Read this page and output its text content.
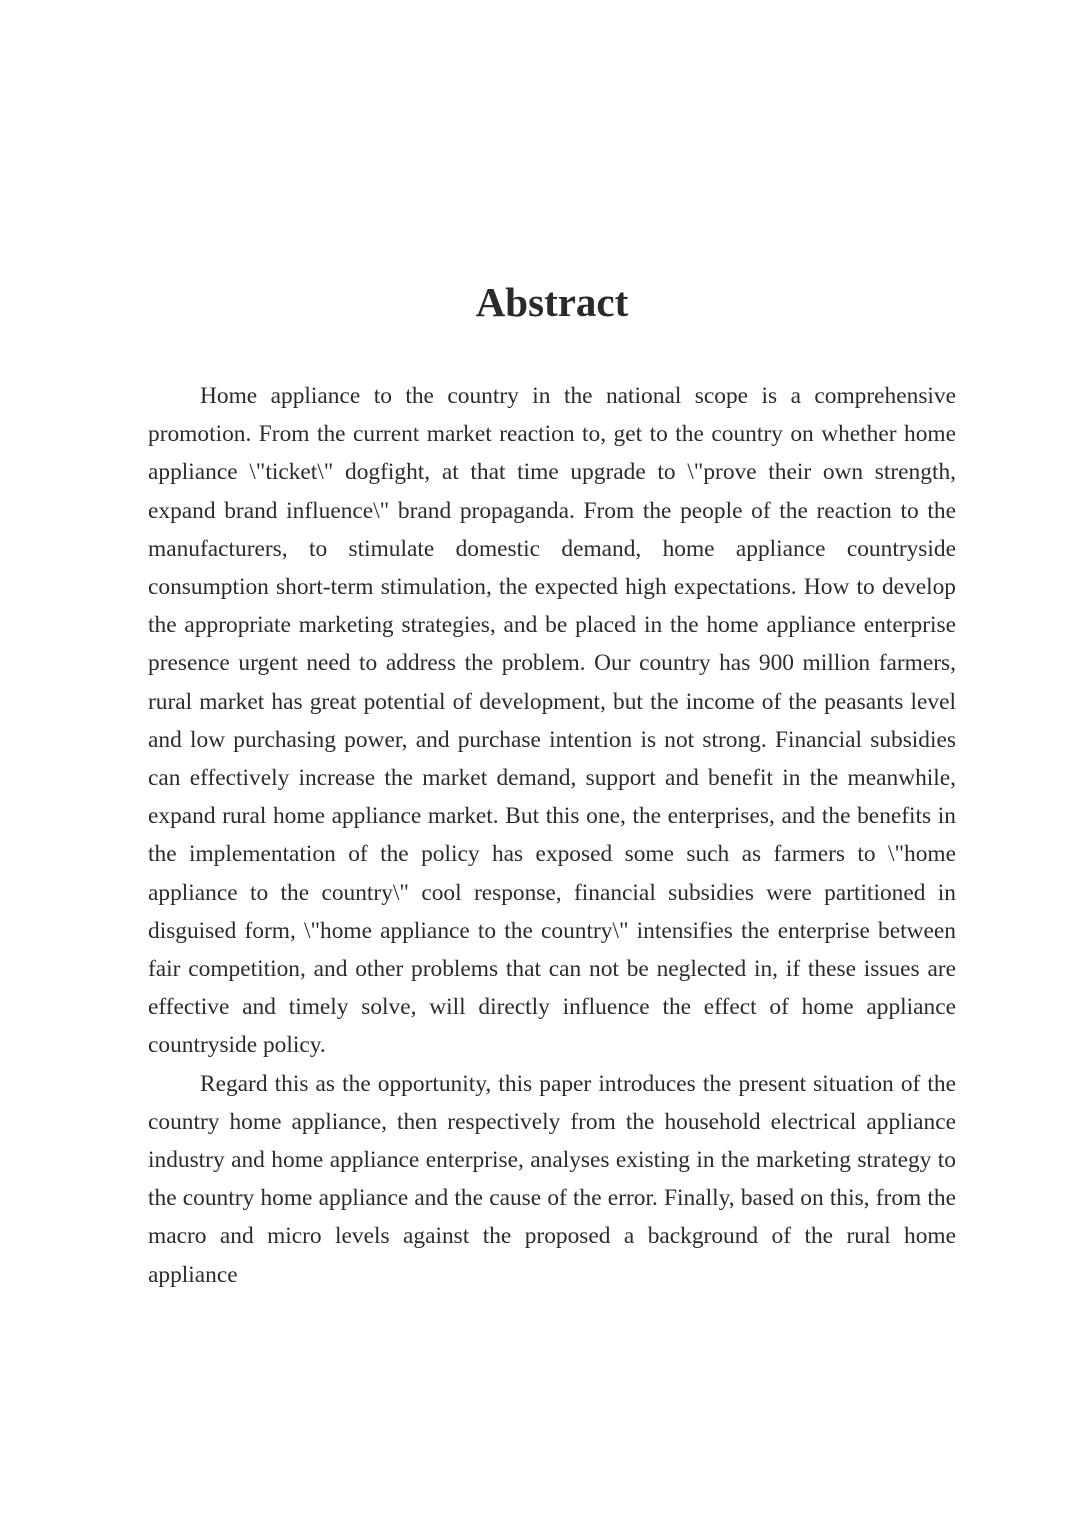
Abstract

Home appliance to the country in the national scope is a comprehensive promotion. From the current market reaction to, get to the country on whether home appliance \"ticket\" dogfight, at that time upgrade to \"prove their own strength, expand brand influence\" brand propaganda. From the people of the reaction to the manufacturers, to stimulate domestic demand, home appliance countryside consumption short-term stimulation, the expected high expectations. How to develop the appropriate marketing strategies, and be placed in the home appliance enterprise presence urgent need to address the problem. Our country has 900 million farmers, rural market has great potential of development, but the income of the peasants level and low purchasing power, and purchase intention is not strong. Financial subsidies can effectively increase the market demand, support and benefit in the meanwhile, expand rural home appliance market. But this one, the enterprises, and the benefits in the implementation of the policy has exposed some such as farmers to \"home appliance to the country\" cool response, financial subsidies were partitioned in disguised form, \"home appliance to the country\" intensifies the enterprise between fair competition, and other problems that can not be neglected in, if these issues are effective and timely solve, will directly influence the effect of home appliance countryside policy.

Regard this as the opportunity, this paper introduces the present situation of the country home appliance, then respectively from the household electrical appliance industry and home appliance enterprise, analyses existing in the marketing strategy to the country home appliance and the cause of the error. Finally, based on this, from the macro and micro levels against the proposed a background of the rural home appliance
